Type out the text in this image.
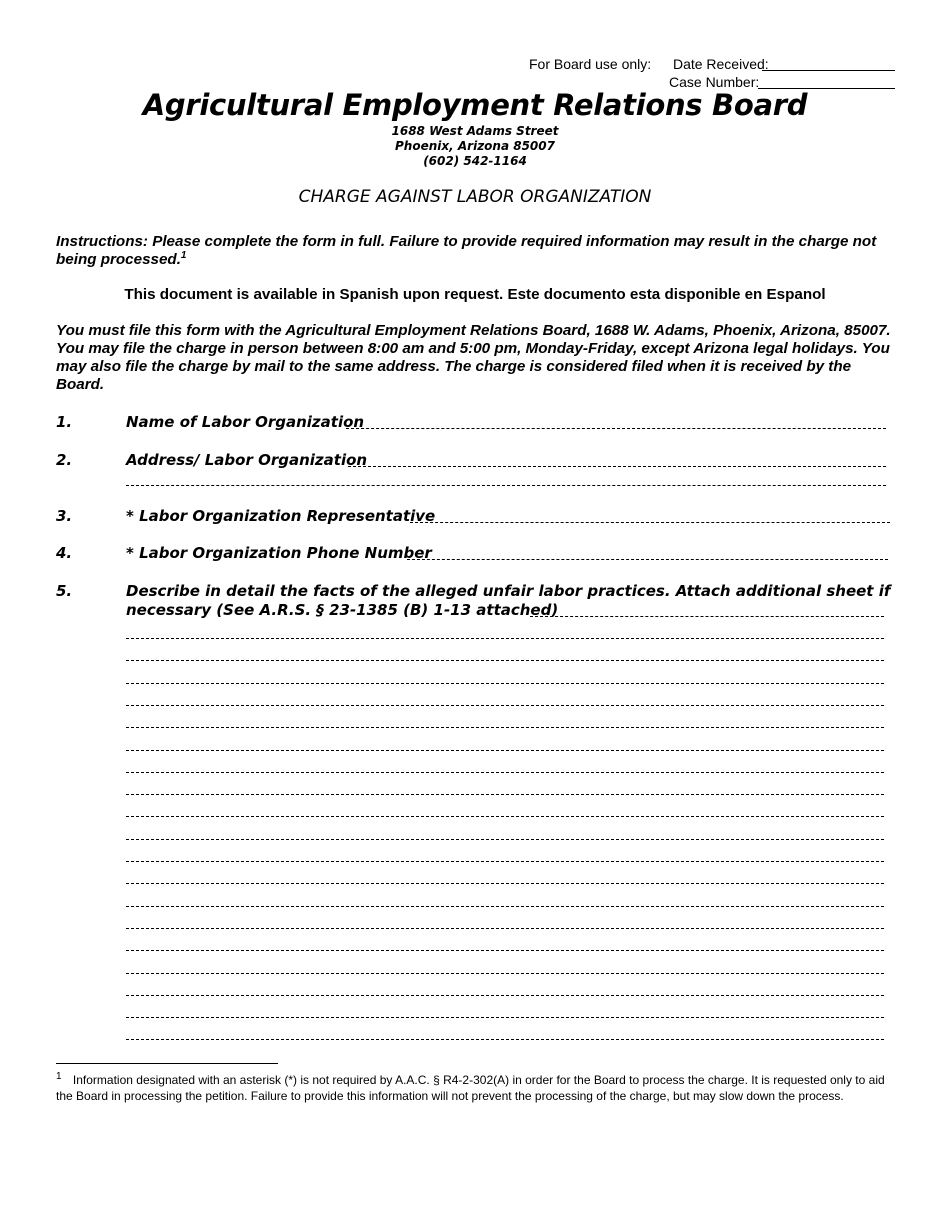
For Board use only: Date Received:
Case Number:
Agricultural Employment Relations Board
1688 West Adams Street
Phoenix, Arizona 85007
(602) 542-1164
CHARGE AGAINST LABOR ORGANIZATION
Instructions: Please complete the form in full. Failure to provide required information may result in the charge not being processed.$^1$
This document is available in Spanish upon request. Este documento esta disponible en Espanol
You must file this form with the Agricultural Employment Relations Board, 1688 W. Adams, Phoenix, Arizona, 85007. You may file the charge in person between 8:00 am and 5:00 pm, Monday-Friday, except Arizona legal holidays. You may also file the charge by mail to the same address. The charge is considered filed when it is received by the Board.
1.	Name of Labor Organization
2.	Address/ Labor Organization
3.	* Labor Organization Representative
4.	* Labor Organization Phone Number
5.	Describe in detail the facts of the alleged unfair labor practices. Attach additional sheet if
necessary (See A.R.S. § 23-1385 (B) 1-13 attached)
$^1$ Information designated with an asterisk (*) is not required by A.A.C. § R4-2-302(A) in order for the Board to process the charge. It is requested only to aid the Board in processing the petition. Failure to provide this information will not prevent the processing of the charge, but may slow down the process.
